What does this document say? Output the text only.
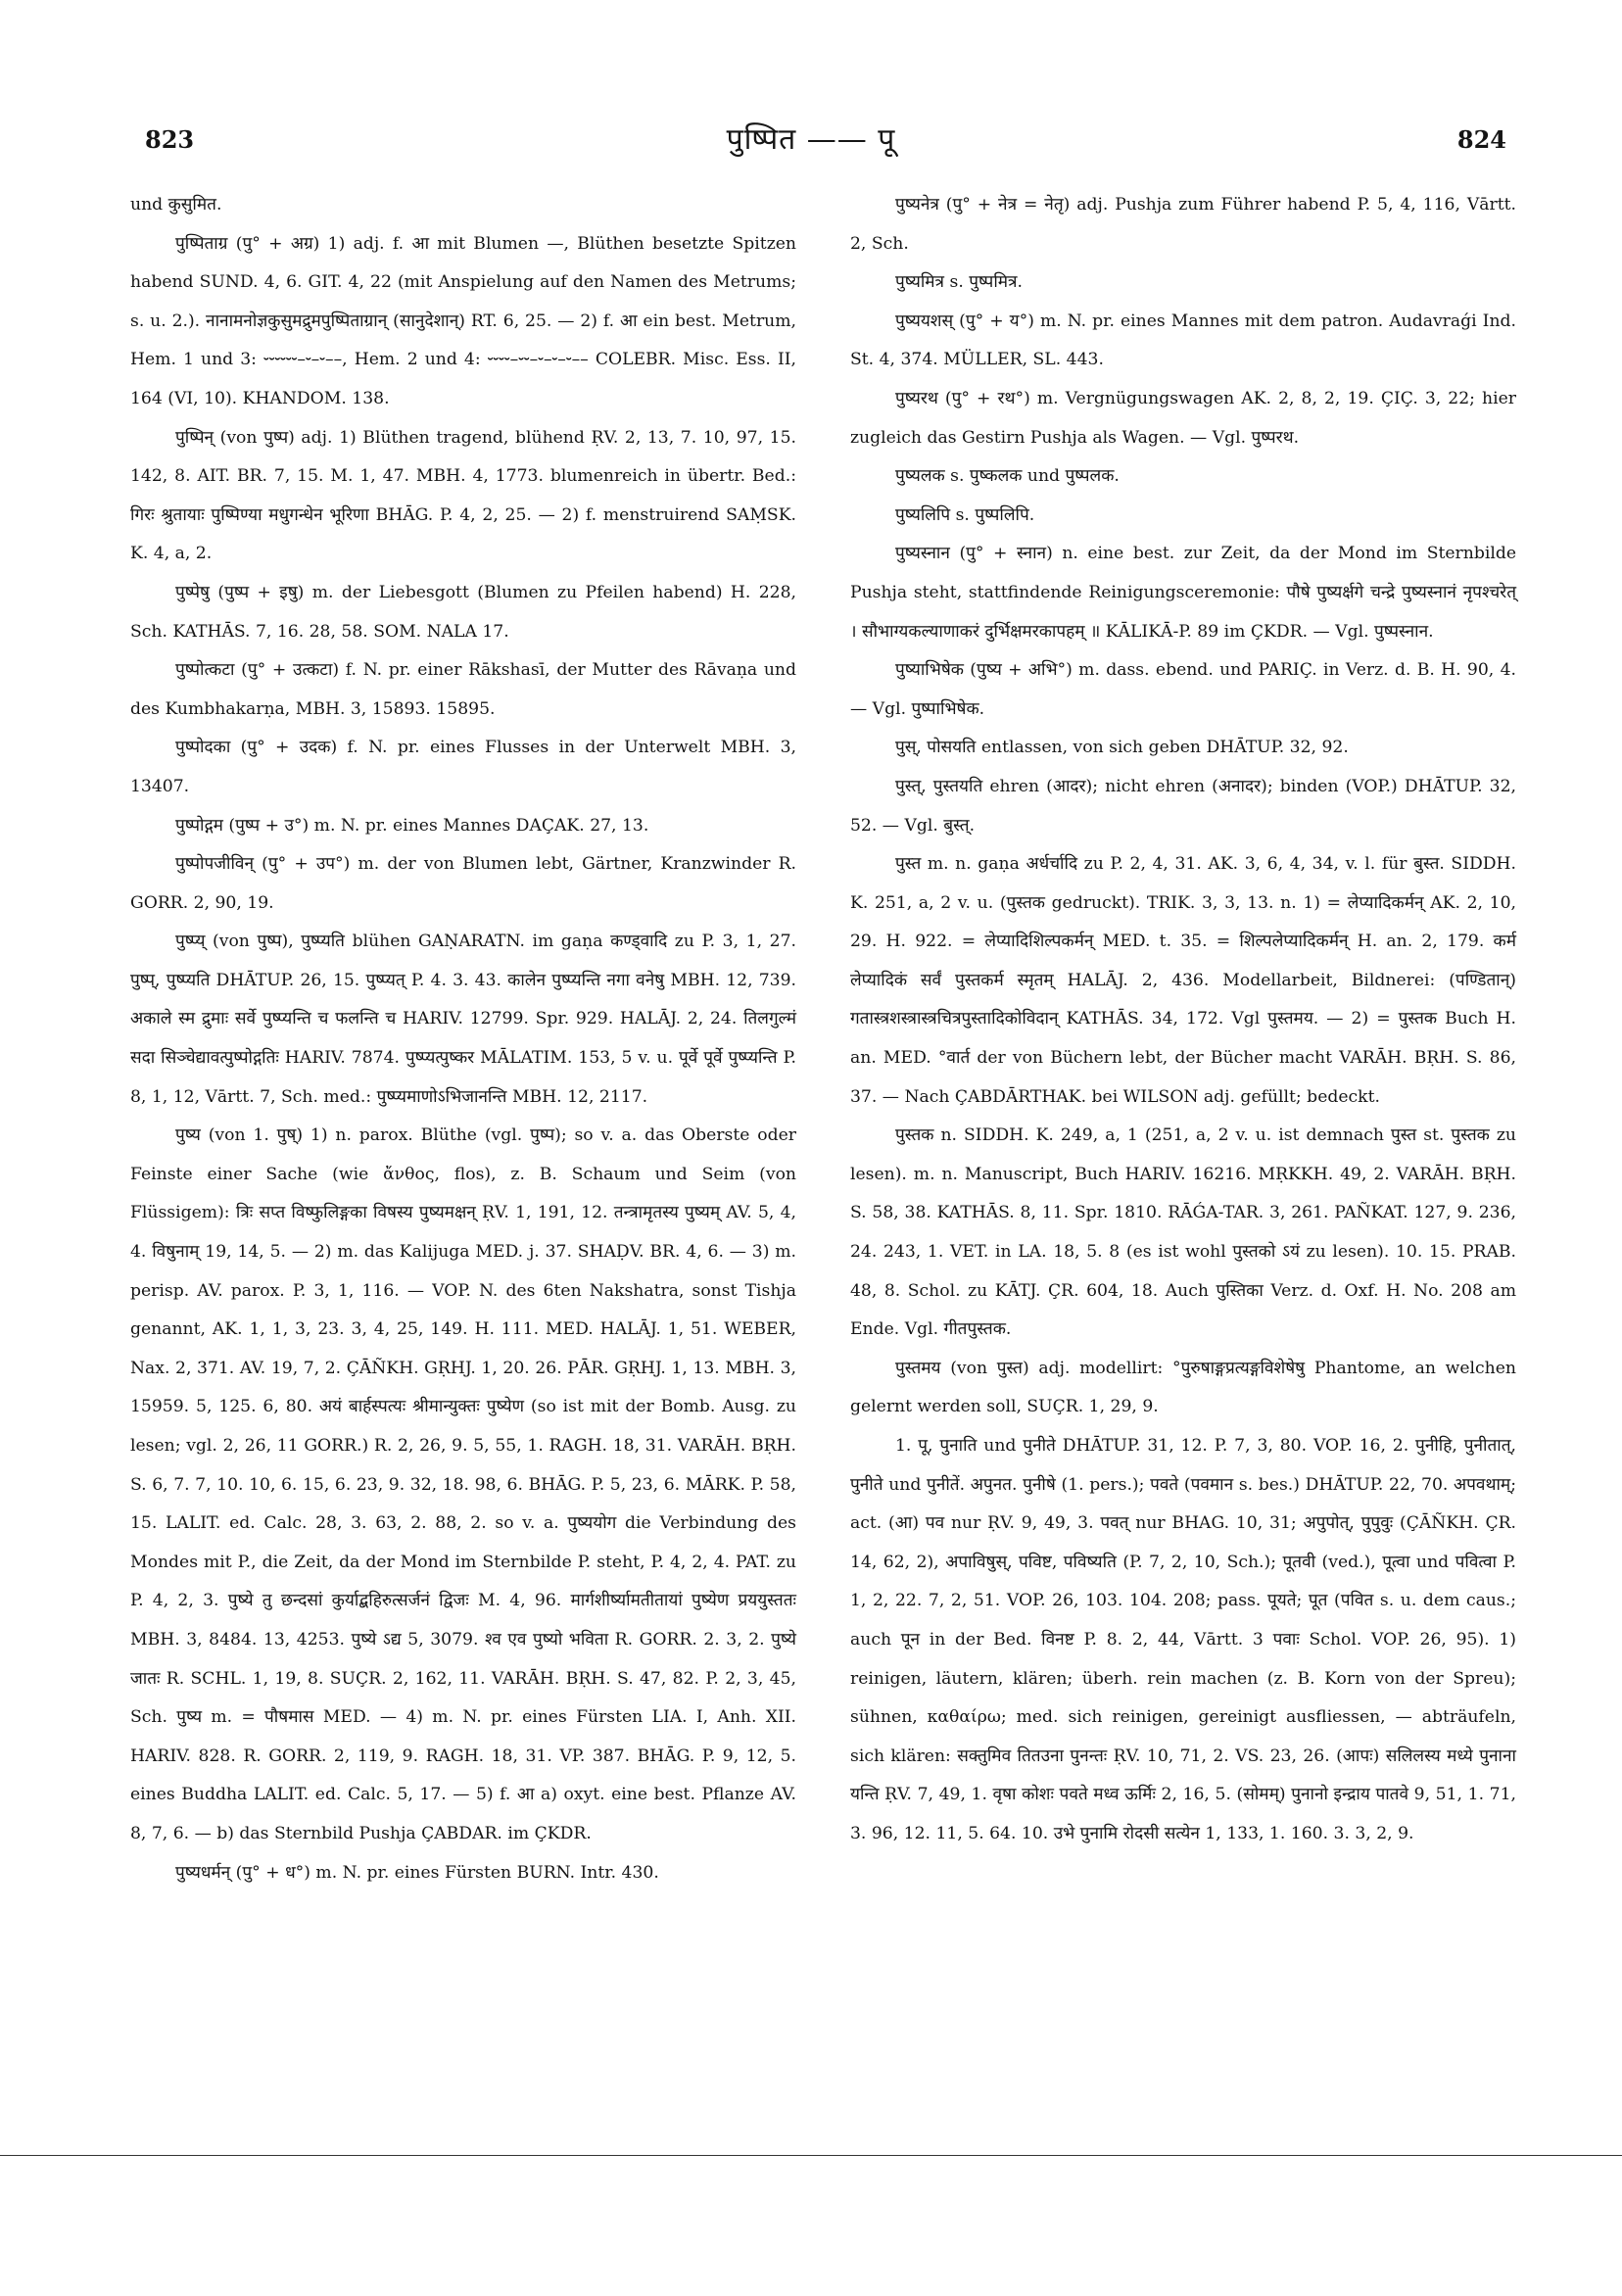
823	पुष्पित —— पू	824

und कुसुमित.

पुष्पिताग्र (पु° + अग्र) 1) adj. f. आ mit Blumen —, Blüthen besetzte Spitzen habend SUND. 4, 6. GIT. 4, 22 (mit Anspielung auf den Namen des Metrums; s. u. 2.). नानामनोज्ञकुसुमद्रुमपुष्पिताग्रान् (सानुदेशान्) RT. 6, 25. — 2) f. आ ein best. Metrum, Hem. 1 und 3: ⏑⏑⏑⏑⏑⏑–⏑–⏑––, Hem. 2 und 4: ⏑⏑⏑⏑–⏑⏑–⏑–⏑–⏑–– COLEBR. Misc. Ess. II, 164 (VI, 10). KHANDOM. 138.

पुष्पिन् (von पुष्प) adj. 1) Blüthen tragend, blühend ṚV. 2, 13, 7. 10, 97, 15. 142, 8. AIT. BR. 7, 15. M. 1, 47. MBH. 4, 1773. blumenreich in übertr. Bed.: गिरः श्रुतायाः पुष्पिण्या मधुगन्धेन भूरिणा BHĀG. P. 4, 2, 25. — 2) f. menstruirend SAṂSK. K. 4, a, 2.

पुष्पेषु (पुष्प + इषु) m. der Liebesgott (Blumen zu Pfeilen habend) H. 228, Sch. KATHĀS. 7, 16. 28, 58. SOM. NALA 17.

पुष्पोत्कटा (पु° + उत्कटा) f. N. pr. einer Rākshasī, der Mutter des Rāvaṇa und des Kumbhakarṇa, MBH. 3, 15893. 15895.

पुष्पोदका (पु° + उदक) f. N. pr. eines Flusses in der Unterwelt MBH. 3, 13407.

पुष्पोद्गम (पुष्प + उ°) m. N. pr. eines Mannes DAÇAK. 27, 13.

पुष्पोपजीविन् (पु° + उप°) m. der von Blumen lebt, Gärtner, Kranzwinder R. GORR. 2, 90, 19.

पुष्प्य् (von पुष्प), पुष्प्यति blühen GAṆARATN. im gaṇa कण्ड्वादि zu P. 3, 1, 27. पुष्प्, पुष्प्यति DHĀTUP. 26, 15. पुष्प्यत् P. 4. 3. 43. कालेन पुष्प्यन्ति नगा वनेषु MBH. 12, 739. अकाले स्म द्रुमाः सर्वे पुष्प्यन्ति च फलन्ति च HARIV. 12799. Spr. 929. HALĀJ. 2, 24. तिलगुल्मं सदा सिञ्चेद्यावत्पुष्पोद्गतिः HARIV. 7874. पुष्प्यत्पुष्कर MĀLATIM. 153, 5 v. u. पूर्वे पूर्वे पुष्प्यन्ति P. 8, 1, 12, Vārtt. 7, Sch. med.: पुष्प्यमाणोऽभिजानन्ति MBH. 12, 2117.

पुष्य (von 1. पुष्) 1) n. parox. Blüthe (vgl. पुष्प); so v. a. das Oberste oder Feinste einer Sache (wie ἄνθος, flos), z. B. Schaum und Seim (von Flüssigem): त्रिः सप्त विष्फुलिङ्गका विषस्य पुष्यमक्षन् ṚV. 1, 191, 12. तन्त्रामृतस्य पुष्यम् AV. 5, 4, 4. विषुनाम् 19, 14, 5. — 2) m. das Kalijuga MED. j. 37. SHAḌV. BR. 4, 6. — 3) m. perisp. AV. parox. P. 3, 1, 116. — VOP. N. des 6ten Nakshatra, sonst Tishja genannt, AK. 1, 1, 3, 23. 3, 4, 25, 149. H. 111. MED. HALĀJ. 1, 51. WEBER, Nax. 2, 371. AV. 19, 7, 2. ÇĀÑKH. GṚHJ. 1, 20. 26. PĀR. GṚHJ. 1, 13. MBH. 3, 15959. 5, 125. 6, 80. अयं बार्हस्पत्यः श्रीमान्युक्तः पुष्येण (so ist mit der Bomb. Ausg. zu lesen; vgl. 2, 26, 11 GORR.) R. 2, 26, 9. 5, 55, 1. RAGH. 18, 31. VARĀH. BṚH. S. 6, 7. 7, 10. 10, 6. 15, 6. 23, 9. 32, 18. 98, 6. BHĀG. P. 5, 23, 6. MĀRK. P. 58, 15. LALIT. ed. Calc. 28, 3. 63, 2. 88, 2. so v. a. पुष्ययोग die Verbindung des Mondes mit P., die Zeit, da der Mond im Sternbilde P. steht, P. 4, 2, 4. PAT. zu P. 4, 2, 3. पुष्ये तु छन्दसां कुर्याद्बहिरुत्सर्जनं द्विजः M. 4, 96. मार्गशीर्ष्यामतीतायां पुष्येण प्रययुस्ततः MBH. 3, 8484. 13, 4253. पुष्ये ऽद्य 5, 3079. श्व एव पुष्यो भविता R. GORR. 2. 3, 2. पुष्ये जातः R. SCHL. 1, 19, 8. SUÇR. 2, 162, 11. VARĀH. BṚH. S. 47, 82. P. 2, 3, 45, Sch. पुष्य m. = पौषमास MED. — 4) m. N. pr. eines Fürsten LIA. I, Anh. XII. HARIV. 828. R. GORR. 2, 119, 9. RAGH. 18, 31. VP. 387. BHĀG. P. 9, 12, 5. eines Buddha LALIT. ed. Calc. 5, 17. — 5) f. आ a) oxyt. eine best. Pflanze AV. 8, 7, 6. — b) das Sternbild Pushja ÇABDAR. im ÇKDR.

पुष्यधर्मन् (पु° + ध°) m. N. pr. eines Fürsten BURN. Intr. 430.

पुष्यनेत्र (पु° + नेत्र = नेतृ) adj. Pushja zum Führer habend P. 5, 4, 116, Vārtt. 2, Sch.

पुष्यमित्र s. पुष्पमित्र.

पुष्ययशस् (पु° + य°) m. N. pr. eines Mannes mit dem patron. Audavraǵi Ind. St. 4, 374. MÜLLER, SL. 443.

पुष्यरथ (पु° + रथ°) m. Vergnügungswagen AK. 2, 8, 2, 19. ÇIÇ. 3, 22; hier zugleich das Gestirn Pushja als Wagen. — Vgl. पुष्परथ.

पुष्यलक s. पुष्कलक und पुष्पलक.

पुष्यलिपि s. पुष्पलिपि.

पुष्यस्नान (पु° + स्नान) n. eine best. zur Zeit, da der Mond im Sternbilde Pushja steht, stattfindende Reinigungsceremonie: पौषे पुष्यर्क्षगे चन्द्रे पुष्यस्नानं नृपश्चरेत् । सौभाग्यकल्याणाकरं दुर्भिक्षमरकापहम् ॥ KĀLIKĀ-P. 89 im ÇKDR. — Vgl. पुष्पस्नान.

पुष्याभिषेक (पुष्य + अभि°) m. dass. ebend. und PARIÇ. in Verz. d. B. H. 90, 4. — Vgl. पुष्पाभिषेक.

पुस्, पोसयति entlassen, von sich geben DHĀTUP. 32, 92.

पुस्त्, पुस्तयति ehren (आदर); nicht ehren (अनादर); binden (VOP.) DHĀTUP. 32, 52. — Vgl. बुस्त्.

पुस्त m. n. gaṇa अर्धर्चादि zu P. 2, 4, 31. AK. 3, 6, 4, 34, v. l. für बुस्त. SIDDH. K. 251, a, 2 v. u. (पुस्तक gedruckt). TRIK. 3, 3, 13. n. 1) = लेप्यादिकर्मन् AK. 2, 10, 29. H. 922. = लेप्यादिशिल्पकर्मन् MED. t. 35. = शिल्पलेप्यादिकर्मन् H. an. 2, 179. कर्म लेप्यादिकं सर्वं पुस्तकर्म स्मृतम् HALĀJ. 2, 436. Modellarbeit, Bildnerei: (पण्डितान्) गतास्त्रशस्त्रास्त्रचित्रपुस्तादिकोविदान् KATHĀS. 34, 172. Vgl पुस्तमय. — 2) = पुस्तक Buch H. an. MED. °वार्त der von Büchern lebt, der Bücher macht VARĀH. BṚH. S. 86, 37. — Nach ÇABDĀRTHAK. bei WILSON adj. gefüllt; bedeckt.

पुस्तक n. SIDDH. K. 249, a, 1 (251, a, 2 v. u. ist demnach पुस्त st. पुस्तक zu lesen). m. n. Manuscript, Buch HARIV. 16216. MṚKKH. 49, 2. VARĀH. BṚH. S. 58, 38. KATHĀS. 8, 11. Spr. 1810. RĀǴA-TAR. 3, 261. PAÑKAT. 127, 9. 236, 24. 243, 1. VET. in LA. 18, 5. 8 (es ist wohl पुस्तको ऽयं zu lesen). 10. 15. PRAB. 48, 8. Schol. zu KĀTJ. ÇR. 604, 18. Auch पुस्तिका Verz. d. Oxf. H. No. 208 am Ende. Vgl. गीतपुस्तक.

पुस्तमय (von पुस्त) adj. modellirt: °पुरुषाङ्गप्रत्यङ्गविशेषेषु Phantome, an welchen gelernt werden soll, SUÇR. 1, 29, 9.

1. पू, पुनाति und पुनीते DHĀTUP. 31, 12. P. 7, 3, 80. VOP. 16, 2. पुनीहि, पुनीतात्, पुनीते und पुनीतें. अपुनत. पुनीषे (1. pers.); पवते (पवमान s. bes.) DHĀTUP. 22, 70. अपवथाम्; act. (आ) पव nur ṚV. 9, 49, 3. पवत् nur BHAG. 10, 31; अपुपोत्, पुपुवुः (ÇĀÑKH. ÇR. 14, 62, 2), अपाविषुस्, पविष्ट, पविष्यति (P. 7, 2, 10, Sch.); पूतवी (ved.), पूत्वा und पवित्वा P. 1, 2, 22. 7, 2, 51. VOP. 26, 103. 104. 208; pass. पूयते; पूत (पवित s. u. dem caus.; auch पून in der Bed. विनष्ट P. 8. 2, 44, Vārtt. 3 पवाः Schol. VOP. 26, 95). 1) reinigen, läutern, klären; überh. rein machen (z. B. Korn von der Spreu); sühnen, καθαίρω; med. sich reinigen, gereinigt ausfliessen, — abträufeln, sich klären: सक्तुमिव तितउना पुनन्तः ṚV. 10, 71, 2. VS. 23, 26. (आपः) सलिलस्य मध्ये पुनाना यन्ति ṚV. 7, 49, 1. वृषा कोशः पवते मध्व ऊर्मिः 2, 16, 5. (सोमम्) पुनानो इन्द्राय पातवे 9, 51, 1. 71, 3. 96, 12. 11, 5. 64. 10. उभे पुनामि रोदसी सत्येन 1, 133, 1. 160. 3. 3, 2, 9.
